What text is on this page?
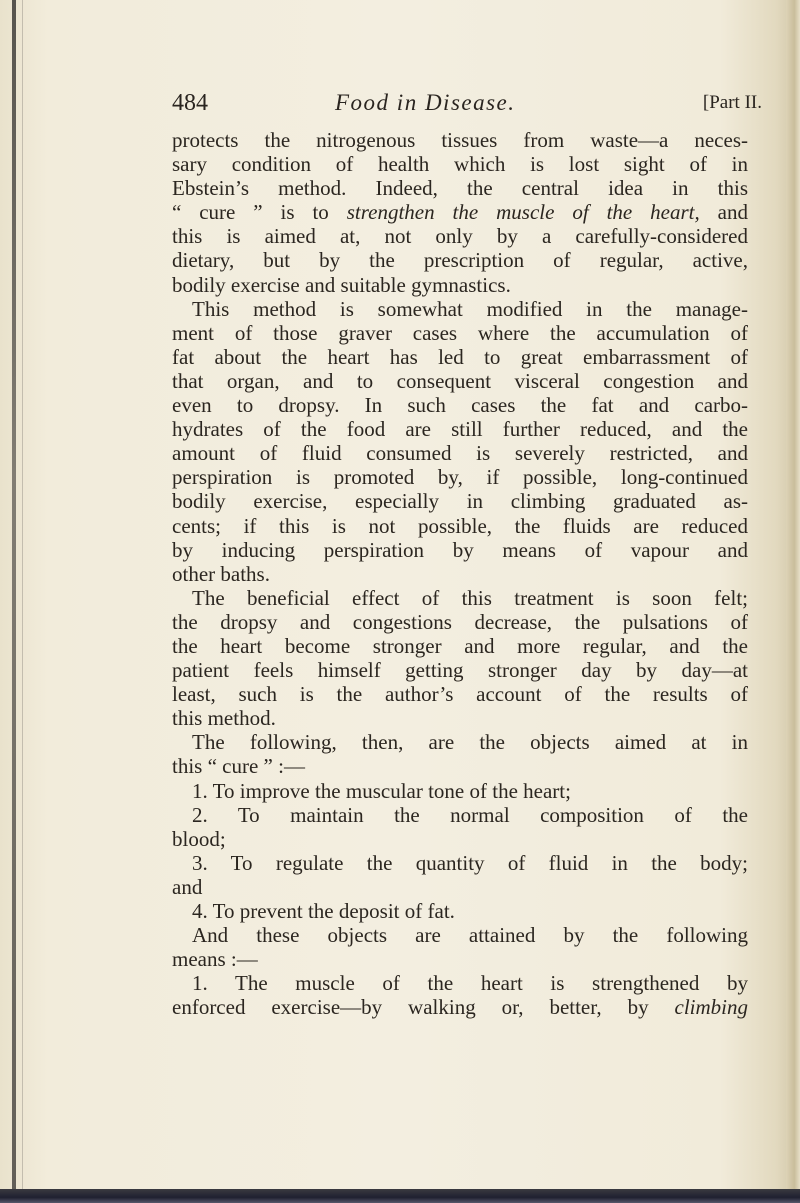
484	Food in Disease.	[Part II.
protects the nitrogenous tissues from waste—a neces-
sary condition of health which is lost sight of in
Ebstein’s method. Indeed, the central idea in this
“ cure ” is to strengthen the muscle of the heart, and
this is aimed at, not only by a carefully-considered
dietary, but by the prescription of regular, active,
bodily exercise and suitable gymnastics.
This method is somewhat modified in the manage-
ment of those graver cases where the accumulation of
fat about the heart has led to great embarrassment of
that organ, and to consequent visceral congestion and
even to dropsy. In such cases the fat and carbo-
hydrates of the food are still further reduced, and the
amount of fluid consumed is severely restricted, and
perspiration is promoted by, if possible, long-continued
bodily exercise, especially in climbing graduated as-
cents; if this is not possible, the fluids are reduced
by inducing perspiration by means of vapour and
other baths.
The beneficial effect of this treatment is soon felt;
the dropsy and congestions decrease, the pulsations of
the heart become stronger and more regular, and the
patient feels himself getting stronger day by day—at
least, such is the author’s account of the results of
this method.
The following, then, are the objects aimed at in
this “ cure ” :—
1. To improve the muscular tone of the heart;
2. To maintain the normal composition of the
blood;
3. To regulate the quantity of fluid in the body;
and
4. To prevent the deposit of fat.
And these objects are attained by the following
means :—
1. The muscle of the heart is strengthened by
enforced exercise—by walking or, better, by climbing
